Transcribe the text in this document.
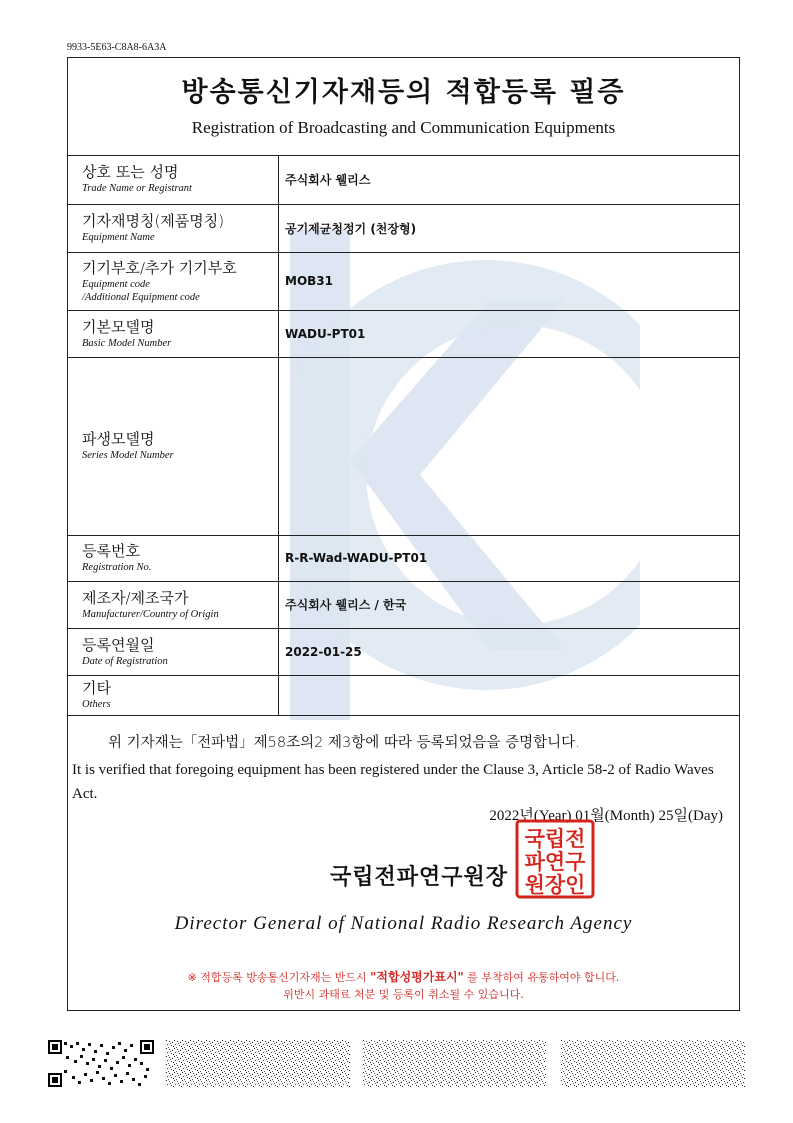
9933-5E63-C8A8-6A3A
방송통신기자재등의 적합등록 필증
Registration of Broadcasting and Communication Equipments
상호 또는 성명
Trade Name or Registrant	주식회사 웰리스

기자재명칭(제품명칭)
Equipment Name	공기제균청정기 (천장형)

기기부호/추가 기기부호
Equipment code
/Additional Equipment code	MOB31

기본모델명
Basic Model Number	WADU-PT01

파생모델명
Series Model Number	

등록번호
Registration No.	R-R-Wad-WADU-PT01

제조자/제조국가
Manufacturer/Country of Origin	주식회사 웰리스 / 한국

등록연월일
Date of Registration	2022-01-25

기타
Others	

위 기자재는「전파법」제58조의2 제3항에 따라 등록되었음을 증명합니다.
It is verified that foregoing equipment has been registered under the Clause 3, Article 58-2 of Radio Waves Act.
2022년(Year) 01월(Month) 25일(Day)
국립전파연구원장
국립전
파연구
원장인
Director General of National Radio Research Agency
※ 적합등록 방송통신기자재는 반드시 "적합성평가표시" 를 부착하여 유통하여야 합니다.
위반시 과태료 처분 및 등록이 취소될 수 있습니다.
